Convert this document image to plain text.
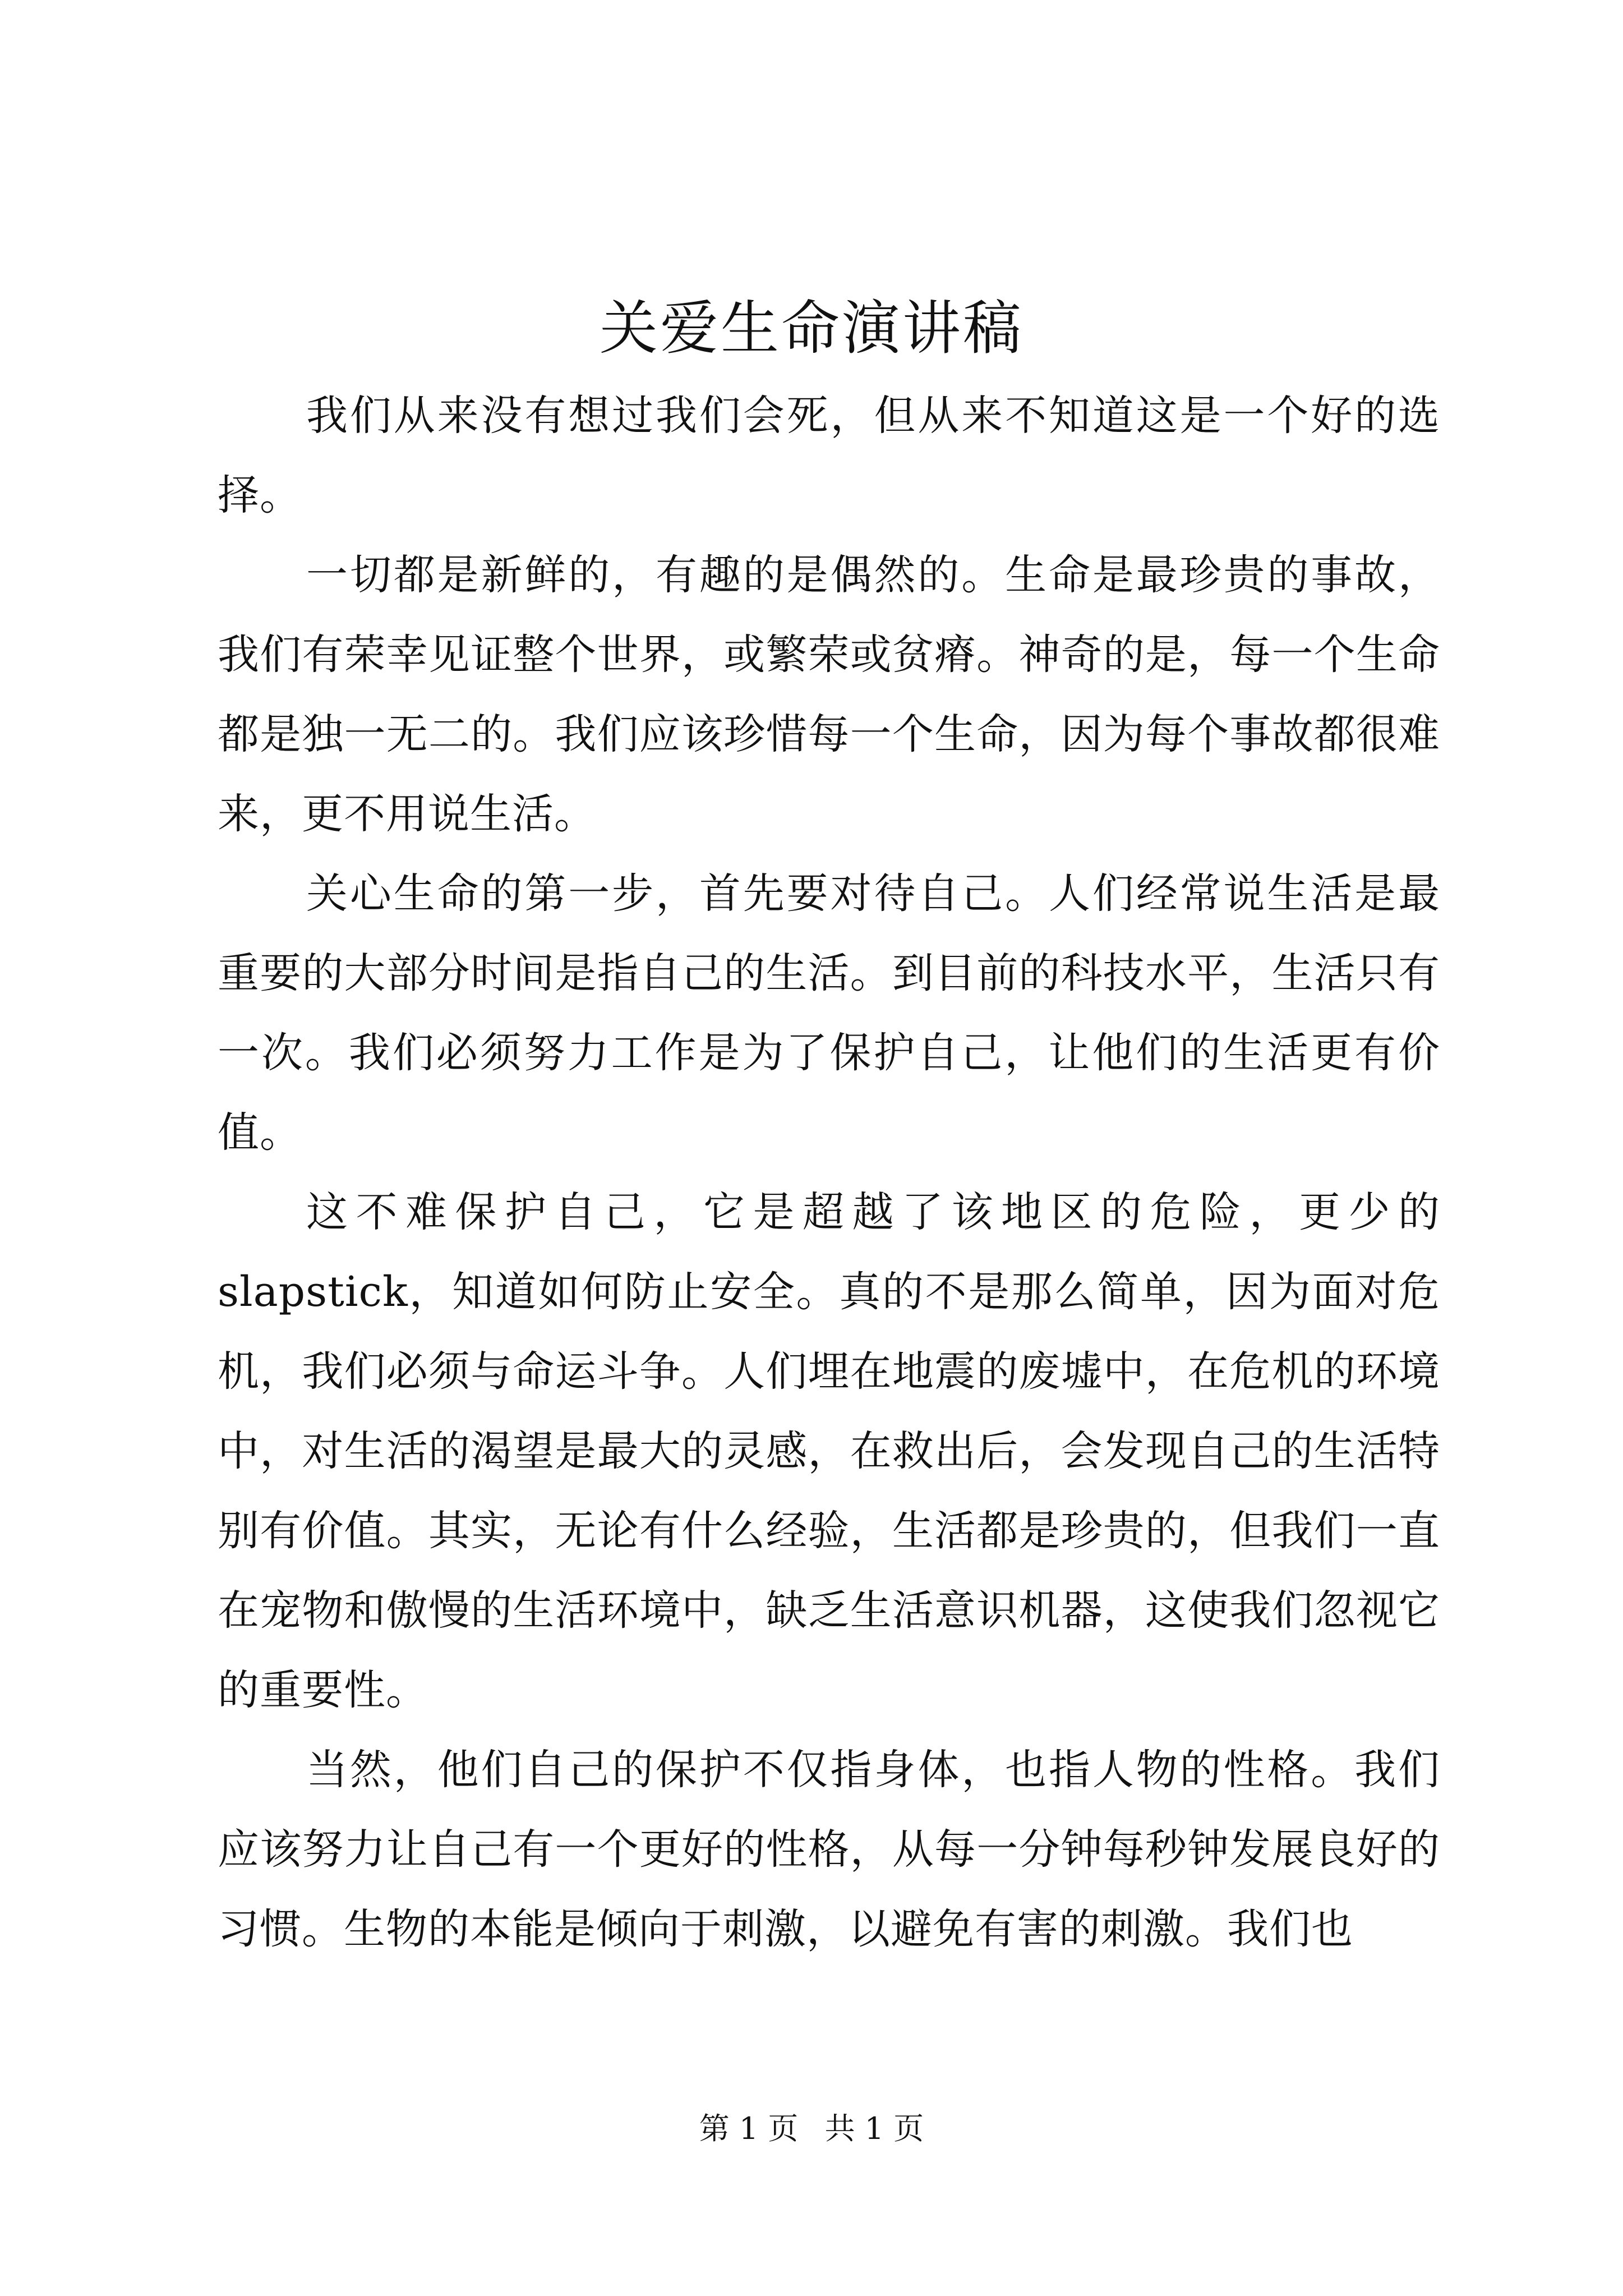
关爱生命演讲稿

我们从来没有想过我们会死，但从来不知道这是一个好的选择。

一切都是新鲜的，有趣的是偶然的。生命是最珍贵的事故，我们有荣幸见证整个世界，或繁荣或贫瘠。神奇的是，每一个生命都是独一无二的。我们应该珍惜每一个生命，因为每个事故都很难来，更不用说生活。

关心生命的第一步，首先要对待自己。人们经常说生活是最重要的大部分时间是指自己的生活。到目前的科技水平，生活只有一次。我们必须努力工作是为了保护自己，让他们的生活更有价值。

这不难保护自己，它是超越了该地区的危险，更少的slapstick，知道如何防止安全。真的不是那么简单，因为面对危机，我们必须与命运斗争。人们埋在地震的废墟中，在危机的环境中，对生活的渴望是最大的灵感，在救出后，会发现自己的生活特别有价值。其实，无论有什么经验，生活都是珍贵的，但我们一直在宠物和傲慢的生活环境中，缺乏生活意识机器，这使我们忽视它的重要性。

当然，他们自己的保护不仅指身体，也指人物的性格。我们应该努力让自己有一个更好的性格，从每一分钟每秒钟发展良好的习惯。生物的本能是倾向于刺激，以避免有害的刺激。我们也

第 1 页 共 1 页
